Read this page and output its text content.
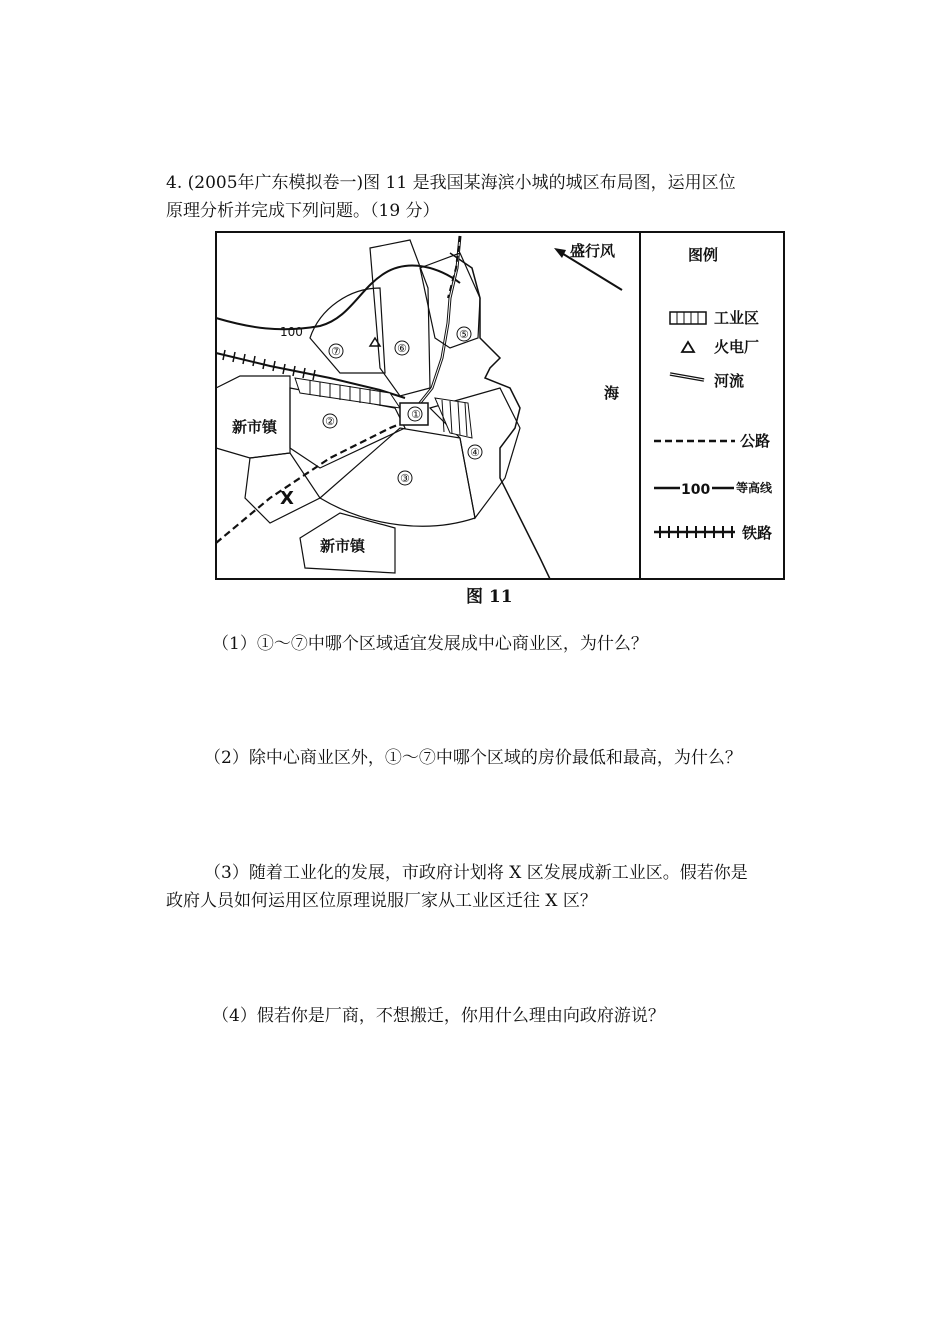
4. (2005年广东模拟卷一)图 11 是我国某海滨小城的城区布局图，运用区位
原理分析并完成下列问题。（19 分）
100
①
②
③
④
⑤
⑥
⑦
新市镇
新市镇
X
海
盛行风	图例
工业区
火电厂
河流
公路
100 等高线
铁路
图 11
（1）①～⑦中哪个区域适宜发展成中心商业区，为什么？
（2）除中心商业区外，①～⑦中哪个区域的房价最低和最高，为什么？
（3）随着工业化的发展，市政府计划将 X 区发展成新工业区。假若你是
政府人员如何运用区位原理说服厂家从工业区迁往 X 区？
（4）假若你是厂商，不想搬迁，你用什么理由向政府游说？
